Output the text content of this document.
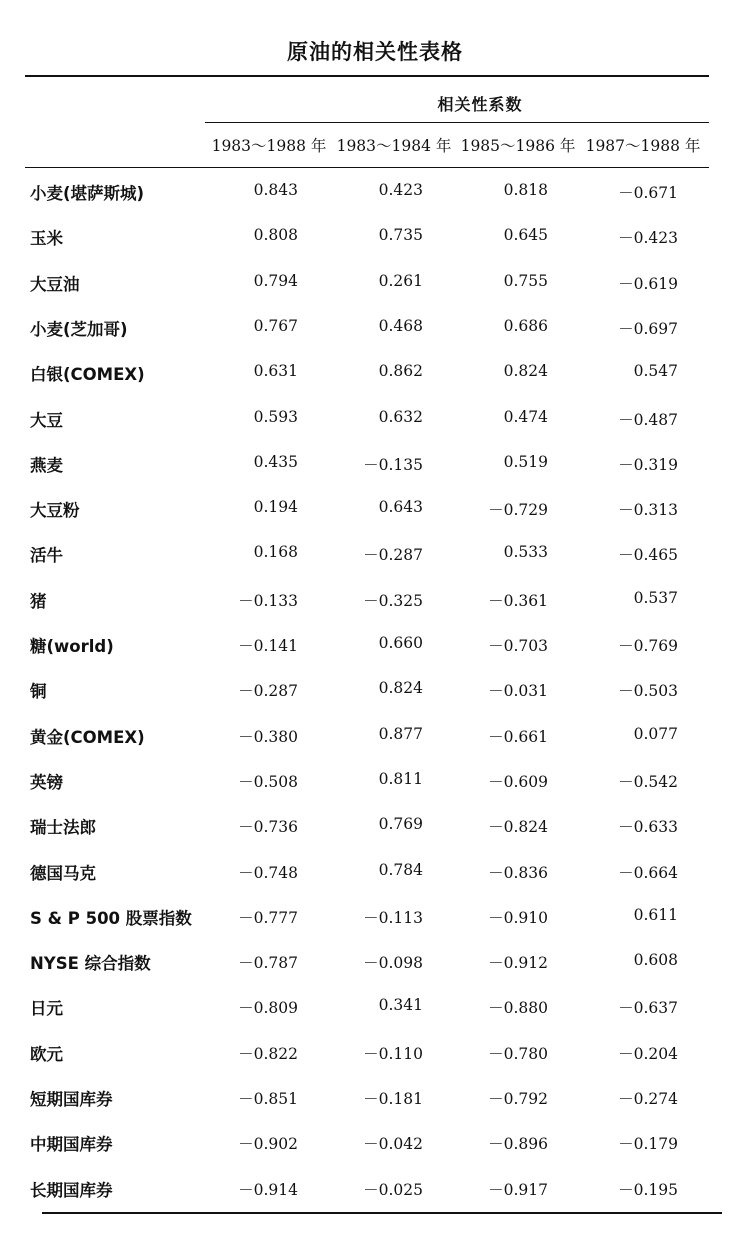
原油的相关性表格
相关性系数
1983～1988 年 1983～1984 年 1985～1986 年 1987～1988 年
小麦(堪萨斯城)	0.843	0.423	0.818	－0.671
玉米	0.808	0.735	0.645	－0.423
大豆油	0.794	0.261	0.755	－0.619
小麦(芝加哥)	0.767	0.468	0.686	－0.697
白银(COMEX)	0.631	0.862	0.824	0.547
大豆	0.593	0.632	0.474	－0.487
燕麦	0.435	－0.135	0.519	－0.319
大豆粉	0.194	0.643	－0.729	－0.313
活牛	0.168	－0.287	0.533	－0.465
猪	－0.133	－0.325	－0.361	0.537
糖(world)	－0.141	0.660	－0.703	－0.769
铜	－0.287	0.824	－0.031	－0.503
黄金(COMEX)	－0.380	0.877	－0.661	0.077
英镑	－0.508	0.811	－0.609	－0.542
瑞士法郎	－0.736	0.769	－0.824	－0.633
德国马克	－0.748	0.784	－0.836	－0.664
S & P 500 股票指数	－0.777	－0.113	－0.910	0.611
NYSE 综合指数	－0.787	－0.098	－0.912	0.608
日元	－0.809	0.341	－0.880	－0.637
欧元	－0.822	－0.110	－0.780	－0.204
短期国库券	－0.851	－0.181	－0.792	－0.274
中期国库券	－0.902	－0.042	－0.896	－0.179
长期国库券	－0.914	－0.025	－0.917	－0.195
